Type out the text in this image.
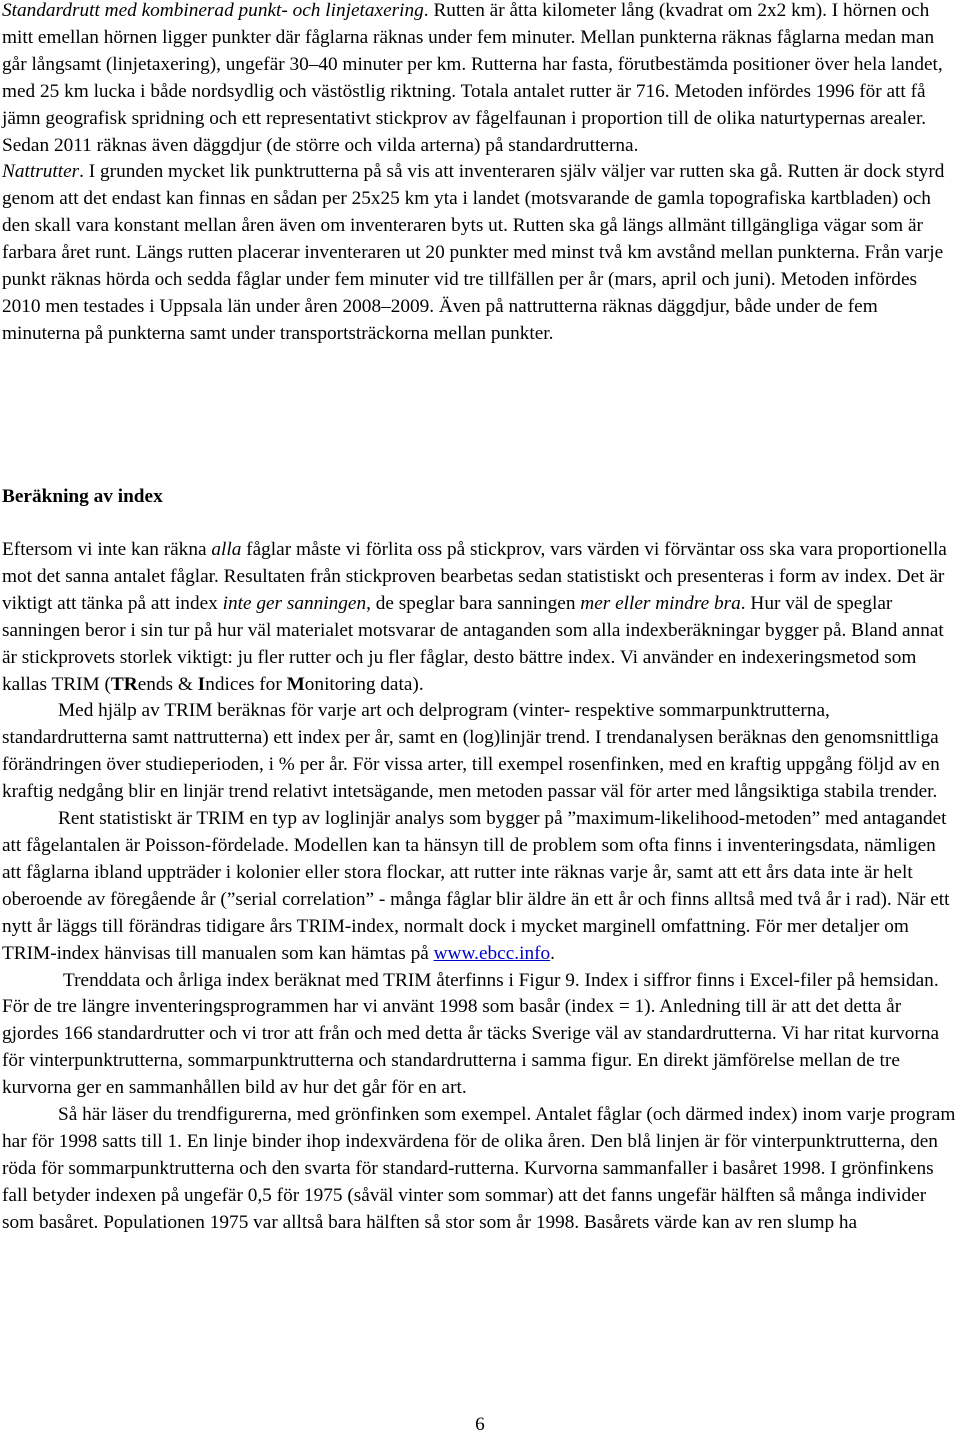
Standardrutt med kombinerad punkt- och linjetaxering. Rutten är åtta kilometer lång (kvadrat om 2x2 km). I hörnen och mitt emellan hörnen ligger punkter där fåglarna räknas under fem minuter. Mellan punkterna räknas fåglarna medan man går långsamt (linjetaxering), ungefär 30–40 minuter per km. Rutterna har fasta, förutbestämda positioner över hela landet, med 25 km lucka i både nordsydlig och västöstlig riktning. Totala antalet rutter är 716. Metoden infördes 1996 för att få jämn geografisk spridning och ett representativt stickprov av fågelfaunan i proportion till de olika naturtypernas arealer. Sedan 2011 räknas även däggdjur (de större och vilda arterna) på standardrutterna.

Nattrutter. I grunden mycket lik punktrutterna på så vis att inventeraren själv väljer var rutten ska gå. Rutten är dock styrd genom att det endast kan finnas en sådan per 25x25 km yta i landet (motsvarande de gamla topografiska kartbladen) och den skall vara konstant mellan åren även om inventeraren byts ut. Rutten ska gå längs allmänt tillgängliga vägar som är farbara året runt. Längs rutten placerar inventeraren ut 20 punkter med minst två km avstånd mellan punkterna. Från varje punkt räknas hörda och sedda fåglar under fem minuter vid tre tillfällen per år (mars, april och juni). Metoden infördes 2010 men testades i Uppsala län under åren 2008–2009. Även på nattrutterna räknas däggdjur, både under de fem minuterna på punkterna samt under transportsträckorna mellan punkter.

Beräkning av index

Eftersom vi inte kan räkna alla fåglar måste vi förlita oss på stickprov, vars värden vi förväntar oss ska vara proportionella mot det sanna antalet fåglar. Resultaten från stickproven bearbetas sedan statistiskt och presenteras i form av index. Det är viktigt att tänka på att index inte ger sanningen, de speglar bara sanningen mer eller mindre bra. Hur väl de speglar sanningen beror i sin tur på hur väl materialet motsvarar de antaganden som alla indexberäkningar bygger på. Bland annat är stickprovets storlek viktigt: ju fler rutter och ju fler fåglar, desto bättre index. Vi använder en indexeringsmetod som kallas TRIM (TRends & Indices for Monitoring data).

Med hjälp av TRIM beräknas för varje art och delprogram (vinter- respektive sommarpunktrutterna, standardrutterna samt nattrutterna) ett index per år, samt en (log)linjär trend. I trendanalysen beräknas den genomsnittliga förändringen över studieperioden, i % per år. För vissa arter, till exempel rosenfinken, med en kraftig uppgång följd av en kraftig nedgång blir en linjär trend relativt intetsägande, men metoden passar väl för arter med långsiktiga stabila trender.

Rent statistiskt är TRIM en typ av loglinjär analys som bygger på ”maximum-likelihood-metoden” med antagandet att fågelantalen är Poisson-fördelade. Modellen kan ta hänsyn till de problem som ofta finns i inventeringsdata, nämligen att fåglarna ibland uppträder i kolonier eller stora flockar, att rutter inte räknas varje år, samt att ett års data inte är helt oberoende av föregående år (”serial correlation” - många fåglar blir äldre än ett år och finns alltså med två år i rad). När ett nytt år läggs till förändras tidigare års TRIM-index, normalt dock i mycket marginell omfattning. För mer detaljer om TRIM-index hänvisas till manualen som kan hämtas på www.ebcc.info.

Trenddata och årliga index beräknat med TRIM återfinns i Figur 9. Index i siffror finns i Excel-filer på hemsidan. För de tre längre inventeringsprogrammen har vi använt 1998 som basår (index = 1). Anledning till är att det detta år gjordes 166 standardrutter och vi tror att från och med detta år täcks Sverige väl av standardrutterna. Vi har ritat kurvorna för vinterpunktrutterna, sommarpunktrutterna och standardrutterna i samma figur. En direkt jämförelse mellan de tre kurvorna ger en sammanhållen bild av hur det går för en art.

Så här läser du trendfigurerna, med grönfinken som exempel. Antalet fåglar (och därmed index) inom varje program har för 1998 satts till 1. En linje binder ihop indexvärdena för de olika åren. Den blå linjen är för vinterpunktrutterna, den röda för sommarpunktrutterna och den svarta för standard-rutterna. Kurvorna sammanfaller i basåret 1998. I grönfinkens fall betyder indexen på ungefär 0,5 för 1975 (såväl vinter som sommar) att det fanns ungefär hälften så många individer som basåret. Populationen 1975 var alltså bara hälften så stor som år 1998. Basårets värde kan av ren slump ha

6
